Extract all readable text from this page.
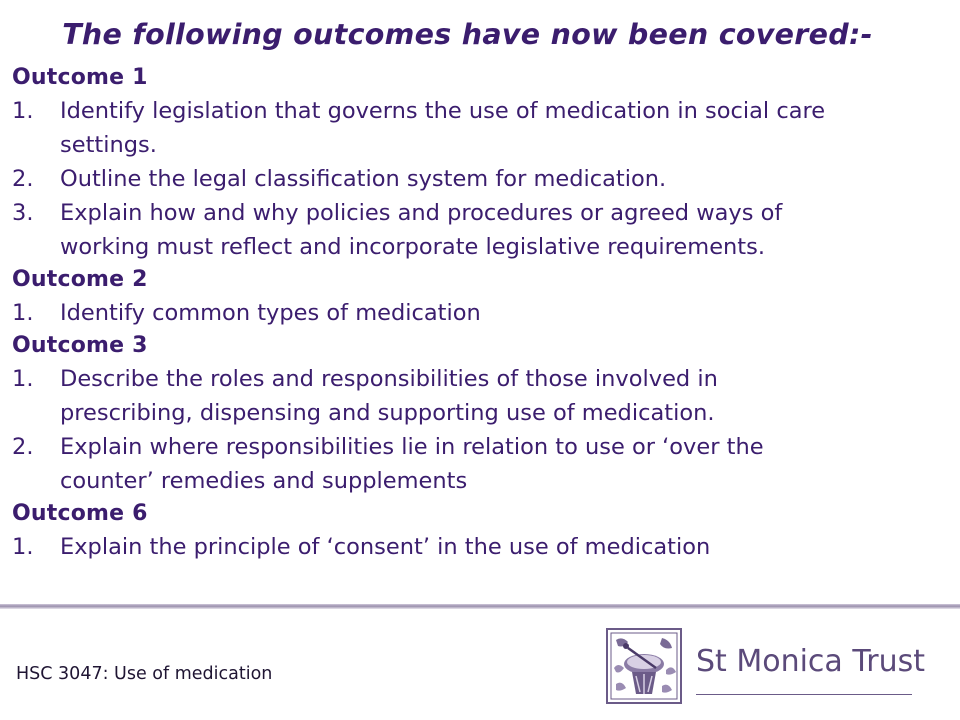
The following outcomes have now been covered:-
Outcome 1
1.	Identify legislation that governs the use of medication in social care
settings.
2.	Outline the legal classification system for medication.
3.	Explain how and why policies and procedures or agreed ways of
working must reflect and incorporate legislative requirements.
Outcome 2
1.	Identify common types of medication
Outcome 3
1.	Describe the roles and responsibilities of those involved in
prescribing, dispensing and supporting use of medication.
2.	Explain where responsibilities lie in relation to use or ‘over the
counter’ remedies and supplements
Outcome 6
1.	Explain the principle of ‘consent’ in the use of medication
HSC 3047: Use of medication	St Monica Trust
